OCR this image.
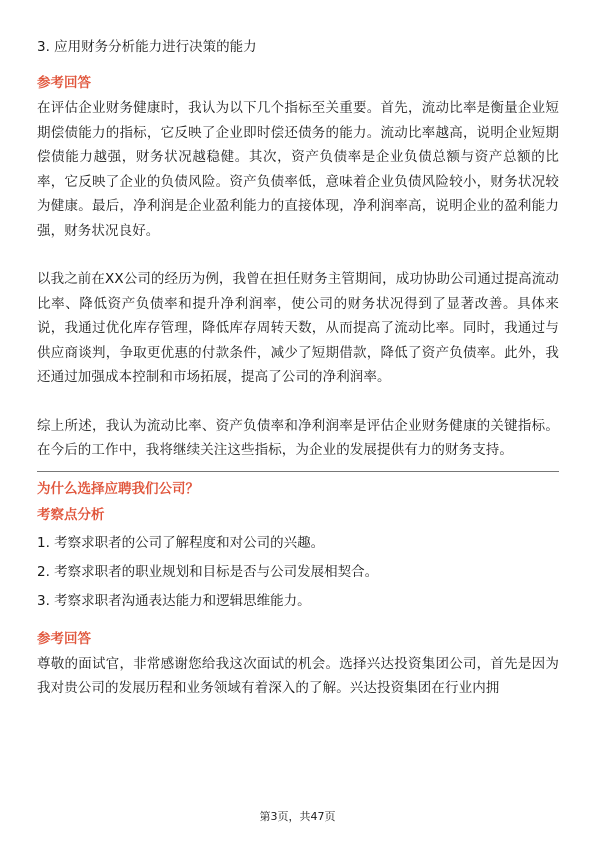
3. 应用财务分析能力进行决策的能力

参考回答

在评估企业财务健康时，我认为以下几个指标至关重要。首先，流动比率是衡量企业短期偿债能力的指标，它反映了企业即时偿还债务的能力。流动比率越高，说明企业短期偿债能力越强，财务状况越稳健。其次，资产负债率是企业负债总额与资产总额的比率，它反映了企业的负债风险。资产负债率低，意味着企业负债风险较小，财务状况较为健康。最后，净利润是企业盈利能力的直接体现，净利润率高，说明企业的盈利能力强，财务状况良好。

以我之前在XX公司的经历为例，我曾在担任财务主管期间，成功协助公司通过提高流动比率、降低资产负债率和提升净利润率，使公司的财务状况得到了显著改善。具体来说，我通过优化库存管理，降低库存周转天数，从而提高了流动比率。同时，我通过与供应商谈判，争取更优惠的付款条件，减少了短期借款，降低了资产负债率。此外，我还通过加强成本控制和市场拓展，提高了公司的净利润率。

综上所述，我认为流动比率、资产负债率和净利润率是评估企业财务健康的关键指标。在今后的工作中，我将继续关注这些指标，为企业的发展提供有力的财务支持。

为什么选择应聘我们公司？

考察点分析

1. 考察求职者的公司了解程度和对公司的兴趣。

2. 考察求职者的职业规划和目标是否与公司发展相契合。

3. 考察求职者沟通表达能力和逻辑思维能力。

参考回答

尊敬的面试官，非常感谢您给我这次面试的机会。选择兴达投资集团公司，首先是因为我对贵公司的发展历程和业务领域有着深入的了解。兴达投资集团在行业内拥

第3页，共47页
